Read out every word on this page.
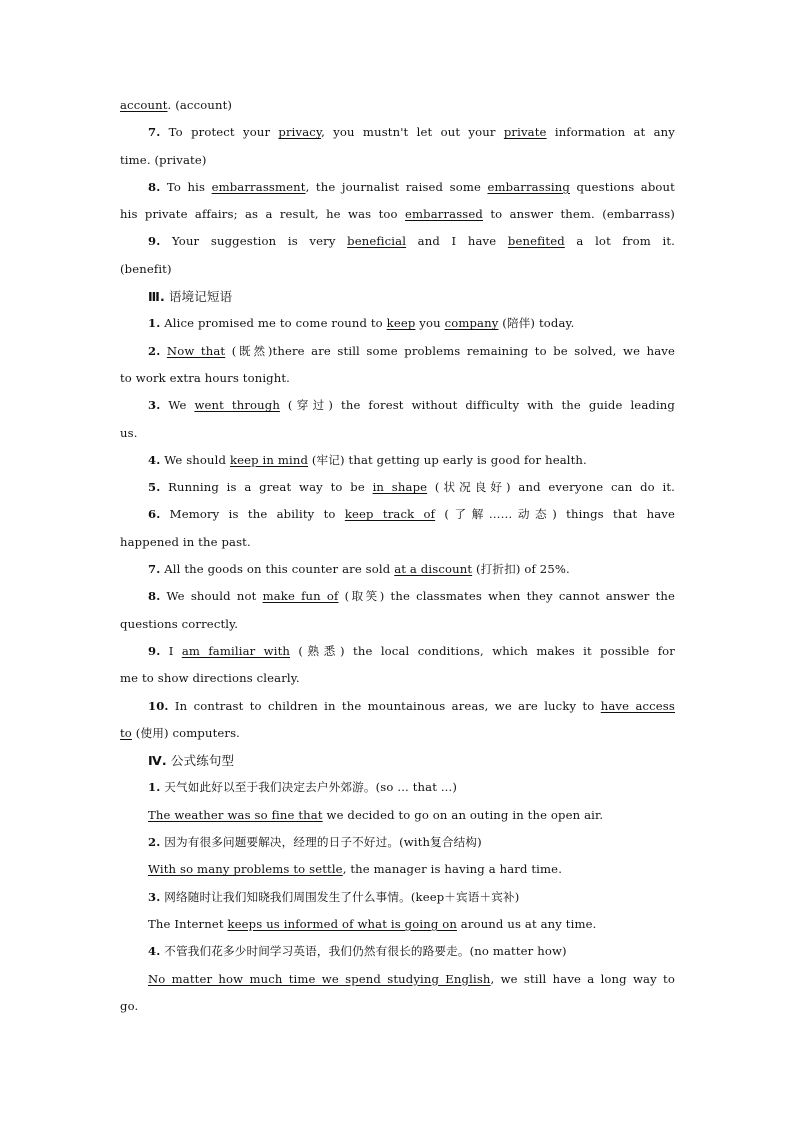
account. (account)
7. To protect your privacy, you mustn't let out your private information at any
time. (private)
8. To his embarrassment, the journalist raised some embarrassing questions about
his private affairs; as a result, he was too embarrassed to answer them. (embarrass)
9. Your suggestion is very beneficial and I have benefited a lot from it.
(benefit)
Ⅲ. 语境记短语
1. Alice promised me to come round to keep you company (陪伴) today.
2. Now that (既然)there are still some problems remaining to be solved, we have
to work extra hours tonight.
3. We went through (穿过) the forest without difficulty with the guide leading
us.
4. We should keep in mind (牢记) that getting up early is good for health.
5. Running is a great way to be in shape (状况良好) and everyone can do it.
6. Memory is the ability to keep track of (了解……动态) things that have
happened in the past.
7. All the goods on this counter are sold at a discount (打折扣) of 25%.
8. We should not make fun of (取笑) the classmates when they cannot answer the
questions correctly.
9. I am familiar with (熟悉) the local conditions, which makes it possible for
me to show directions clearly.
10. In contrast to children in the mountainous areas, we are lucky to have access
to (使用) computers.
Ⅳ. 公式练句型
1. 天气如此好以至于我们决定去户外郊游。(so ... that ...)
The weather was so fine that we decided to go on an outing in the open air.
2. 因为有很多问题要解决，经理的日子不好过。(with复合结构)
With so many problems to settle, the manager is having a hard time.
3. 网络随时让我们知晓我们周围发生了什么事情。(keep＋宾语＋宾补)
The Internet keeps us informed of what is going on around us at any time.
4. 不管我们花多少时间学习英语，我们仍然有很长的路要走。(no matter how)
No matter how much time we spend studying English, we still have a long way to
go.
